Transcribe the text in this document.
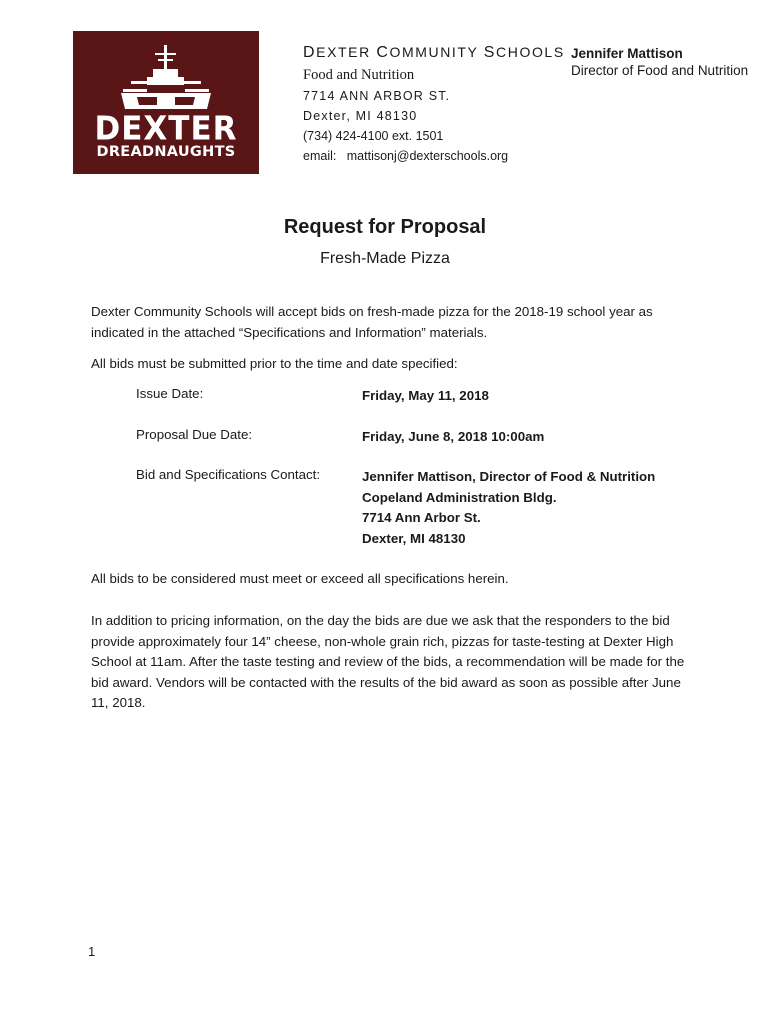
DEXTER
DREADNAUGHTS

DEXTER COMMUNITY SCHOOLS

Food and Nutrition

7714 ANN ARBOR ST.

Dexter, MI 48130

(734) 424-4100 ext. 1501

email: mattisonj@dexterschools.org

Jennifer Mattison
Director of Food and Nutrition
Request for Proposal
Fresh-Made Pizza

Dexter Community Schools will accept bids on fresh-made pizza for the 2018-19 school year as indicated in the attached “Specifications and Information” materials.

All bids must be submitted prior to the time and date specified:

Issue Date:	Friday, May 11, 2018
Proposal Due Date:	Friday, June 8, 2018 10:00am
Bid and Specifications Contact:	Jennifer Mattison, Director of Food & Nutrition
Copeland Administration Bldg.
7714 Ann Arbor St.
Dexter, MI 48130

All bids to be considered must meet or exceed all specifications herein.

In addition to pricing information, on the day the bids are due we ask that the responders to the bid provide approximately four 14” cheese, non-whole grain rich, pizzas for taste-testing at Dexter High School at 11am. After the taste testing and review of the bids, a recommendation will be made for the bid award. Vendors will be contacted with the results of the bid award as soon as possible after June 11, 2018.

1
